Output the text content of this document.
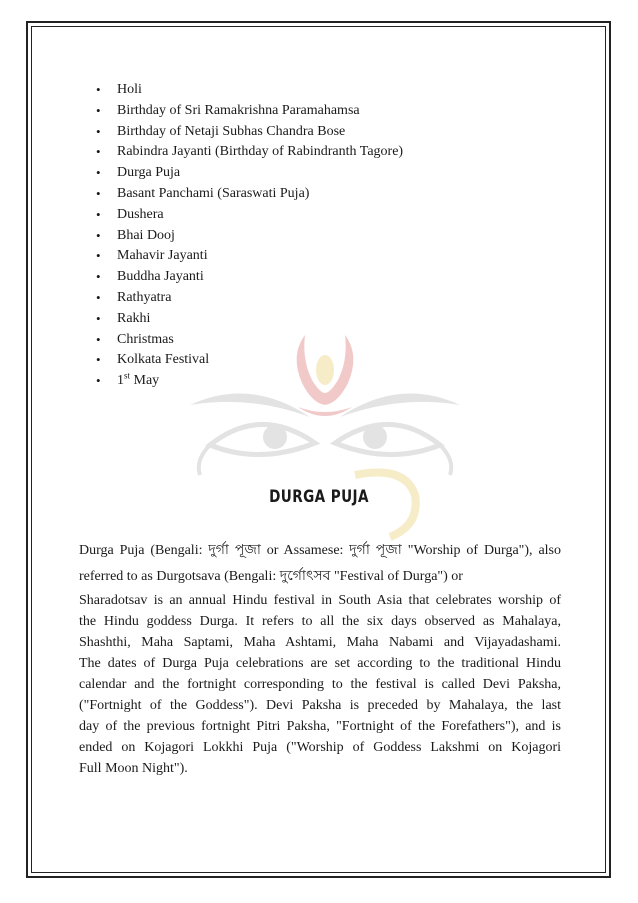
• Holi
• Birthday of Sri Ramakrishna Paramahamsa
• Birthday of Netaji Subhas Chandra Bose
• Rabindra Jayanti (Birthday of Rabindranth Tagore)
• Durga Puja
• Basant Panchami (Saraswati Puja)
• Dushera
• Bhai Dooj
• Mahavir Jayanti
• Buddha Jayanti
• Rathyatra
• Rakhi
• Christmas
• Kolkata Festival
• 1st May
DURGA PUJA
Durga Puja (Bengali: দুর্গা পূজা or Assamese: দুৰ্গা পূজা "Worship of Durga"), also
referred to as Durgotsava (Bengali: দুর্গোৎসব "Festival of Durga") or
Sharadotsav is an annual Hindu festival in South Asia that celebrates worship of
the Hindu goddess Durga. It refers to all the six days observed as Mahalaya,
Shashthi, Maha Saptami, Maha Ashtami, Maha Nabami and Vijayadashami.
The dates of Durga Puja celebrations are set according to the traditional Hindu
calendar and the fortnight corresponding to the festival is called Devi Paksha,
("Fortnight of the Goddess"). Devi Paksha is preceded by Mahalaya, the last
day of the previous fortnight Pitri Paksha, "Fortnight of the Forefathers"), and is
ended on Kojagori Lokkhi Puja ("Worship of Goddess Lakshmi on Kojagori
Full Moon Night").
